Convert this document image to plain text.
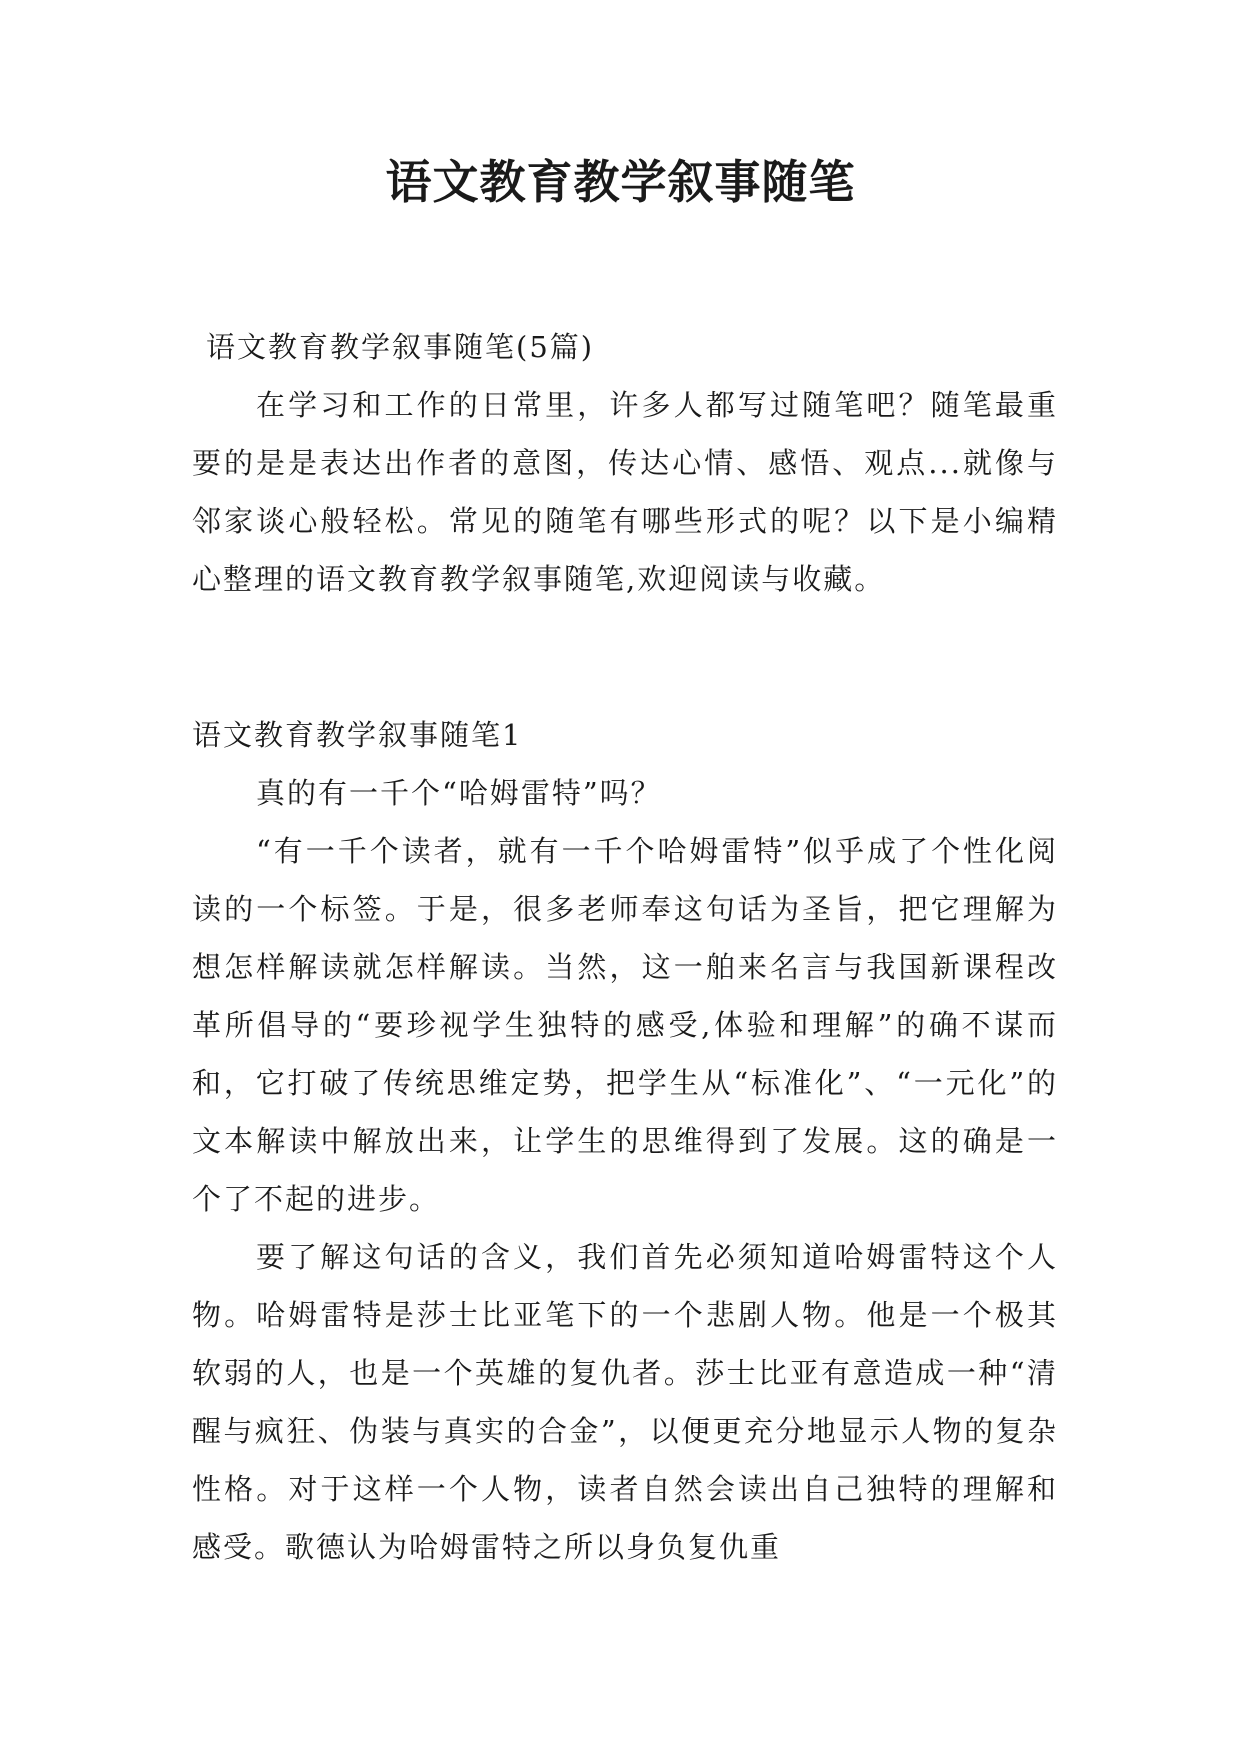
语文教育教学叙事随笔

语文教育教学叙事随笔(5篇)

在学习和工作的日常里，许多人都写过随笔吧？随笔最重要的是是表达出作者的意图，传达心情、感悟、观点...就像与邻家谈心般轻松。常见的随笔有哪些形式的呢？以下是小编精心整理的语文教育教学叙事随笔,欢迎阅读与收藏。

语文教育教学叙事随笔1

真的有一千个“哈姆雷特”吗？

“有一千个读者，就有一千个哈姆雷特”似乎成了个性化阅读的一个标签。于是，很多老师奉这句话为圣旨，把它理解为想怎样解读就怎样解读。当然，这一舶来名言与我国新课程改革所倡导的“要珍视学生独特的感受,体验和理解”的确不谋而和，它打破了传统思维定势，把学生从“标准化”、“一元化”的文本解读中解放出来，让学生的思维得到了发展。这的确是一个了不起的进步。

要了解这句话的含义，我们首先必须知道哈姆雷特这个人物。哈姆雷特是莎士比亚笔下的一个悲剧人物。他是一个极其软弱的人，也是一个英雄的复仇者。莎士比亚有意造成一种“清醒与疯狂、伪装与真实的合金”，以便更充分地显示人物的复杂性格。对于这样一个人物，读者自然会读出自己独特的理解和感受。歌德认为哈姆雷特之所以身负复仇重
